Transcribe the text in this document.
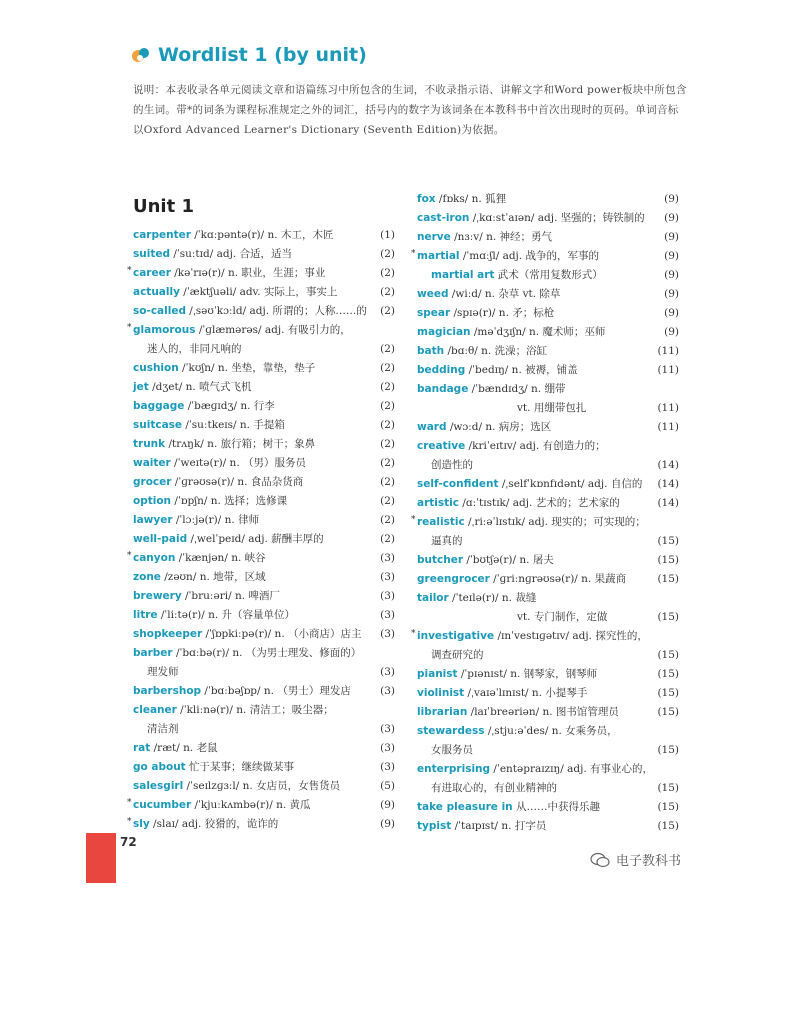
Wordlist 1 (by unit)
说明：本表收录各单元阅读文章和语篇练习中所包含的生词，不收录指示语、讲解文字和Word power板块中所包含的生词。带*的词条为课程标准规定之外的词汇，括号内的数字为该词条在本教科书中首次出现时的页码。单词音标以Oxford Advanced Learner's Dictionary (Seventh Edition)为依据。
Unit 1
carpenter /ˈkɑːpəntə(r)/ n. 木工，木匠	(1)
suited /ˈsuːtɪd/ adj. 合适，适当	(2)
* career /kəˈrɪə(r)/ n. 职业，生涯；事业	(2)
actually /ˈæktʃuəli/ adv. 实际上，事实上	(2)
so-called /ˌsəʊˈkɔːld/ adj. 所谓的；人称……的 (2)
* glamorous /ˈɡlæmərəs/ adj. 有吸引力的，
迷人的，非同凡响的	(2)
cushion /ˈkʊʃn/ n. 坐垫，靠垫，垫子	(2)
jet /dʒet/ n. 喷气式飞机	(2)
baggage /ˈbæɡɪdʒ/ n. 行李	(2)
suitcase /ˈsuːtkeɪs/ n. 手提箱	(2)
trunk /trʌŋk/ n. 旅行箱；树干；象鼻	(2)
waiter /ˈweɪtə(r)/ n. （男）服务员	(2)
grocer /ˈɡrəʊsə(r)/ n. 食品杂货商	(2)
option /ˈɒpʃn/ n. 选择；选修课	(2)
lawyer /ˈlɔːjə(r)/ n. 律师	(2)
well-paid /ˌwelˈpeɪd/ adj. 薪酬丰厚的	(2)
* canyon /ˈkænjən/ n. 峡谷	(3)
zone /zəʊn/ n. 地带，区域	(3)
brewery /ˈbruːəri/ n. 啤酒厂	(3)
litre /ˈliːtə(r)/ n. 升（容量单位）	(3)
shopkeeper /ˈʃɒpkiːpə(r)/ n. （小商店）店主 (3)
barber /ˈbɑːbə(r)/ n. （为男士理发、修面的）
理发师	(3)
barbershop /ˈbɑːbəʃɒp/ n. （男士）理发店	(3)
cleaner /ˈkliːnə(r)/ n. 清洁工；吸尘器；
清洁剂	(3)
rat /ræt/ n. 老鼠	(3)
go about 忙于某事；继续做某事	(3)
salesgirl /ˈseɪlzɡɜːl/ n. 女店员，女售货员	(5)
* cucumber /ˈkjuːkʌmbə(r)/ n. 黄瓜	(9)
* sly /slaɪ/ adj. 狡猾的，诡诈的	(9)
fox /fɒks/ n. 狐狸	(9)
cast-iron /ˌkɑːstˈaɪən/ adj. 坚强的；铸铁制的 (9)
nerve /nɜːv/ n. 神经；勇气	(9)
* martial /ˈmɑːʃl/ adj. 战争的，军事的	(9)
martial art 武术（常用复数形式）	(9)
weed /wiːd/ n. 杂草 vt. 除草	(9)
spear /spɪə(r)/ n. 矛；标枪	(9)
magician /məˈdʒɪʃn/ n. 魔术师；巫师	(9)
bath /bɑːθ/ n. 洗澡；浴缸	(11)
bedding /ˈbedɪŋ/ n. 被褥，铺盖	(11)
bandage /ˈbændɪdʒ/ n. 绷带
vt. 用绷带包扎	(11)
ward /wɔːd/ n. 病房；选区	(11)
creative /kriˈeɪtɪv/ adj. 有创造力的；
创造性的	(14)
self-confident /ˌselfˈkɒnfɪdənt/ adj. 自信的 (14)
artistic /ɑːˈtɪstɪk/ adj. 艺术的；艺术家的	(14)
* realistic /ˌriːəˈlɪstɪk/ adj. 现实的；可实现的；
逼真的	(15)
butcher /ˈbʊtʃə(r)/ n. 屠夫	(15)
greengrocer /ˈɡriːnɡrəʊsə(r)/ n. 果蔬商	(15)
tailor /ˈteɪlə(r)/ n. 裁缝
vt. 专门制作，定做	(15)
* investigative /ɪnˈvestɪɡətɪv/ adj. 探究性的，
调查研究的	(15)
pianist /ˈpɪənɪst/ n. 钢琴家，钢琴师	(15)
violinist /ˌvaɪəˈlɪnɪst/ n. 小提琴手	(15)
librarian /laɪˈbreəriən/ n. 图书馆管理员	(15)
stewardess /ˌstjuːəˈdes/ n. 女乘务员，
女服务员	(15)
enterprising /ˈentəpraɪzɪŋ/ adj. 有事业心的，
有进取心的，有创业精神的	(15)
take pleasure in 从……中获得乐趣	(15)
typist /ˈtaɪpɪst/ n. 打字员	(15)
72
电子教科书
